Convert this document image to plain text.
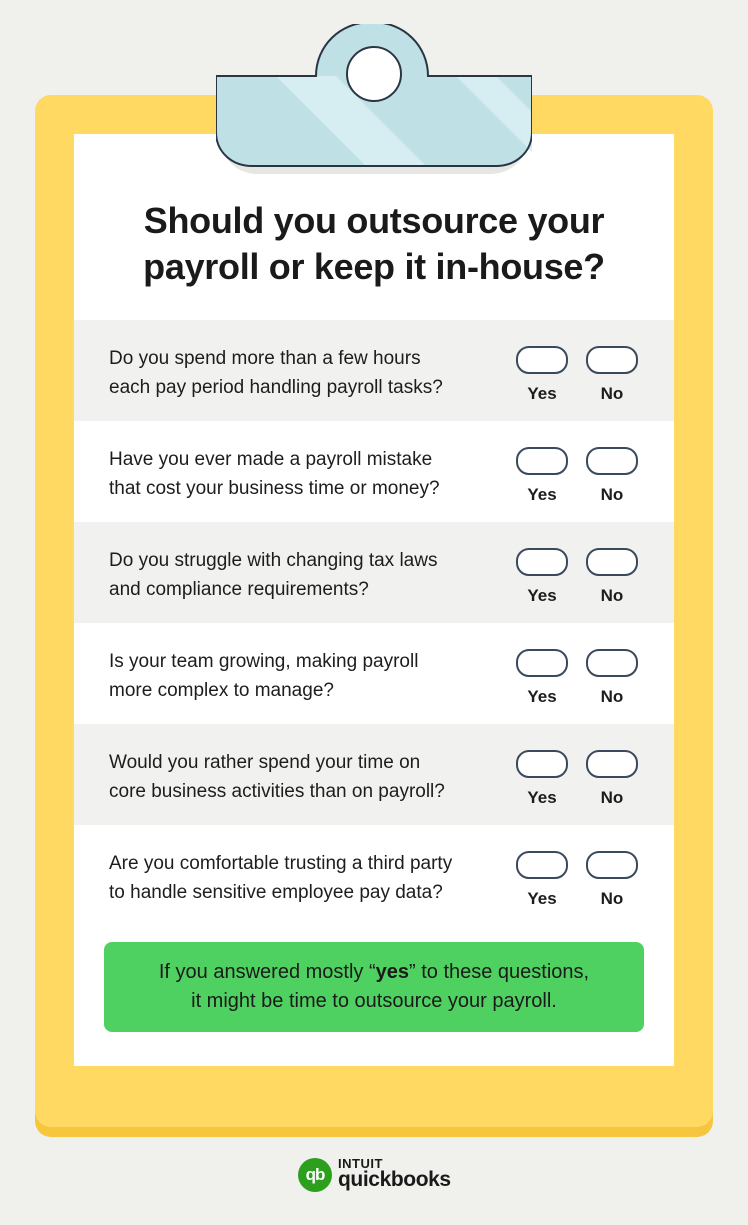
Should you outsource your
payroll or keep it in-house?
Do you spend more than a few hours
each pay period handling payroll tasks?	Yes	No
Have you ever made a payroll mistake
that cost your business time or money?	Yes	No
Do you struggle with changing tax laws
and compliance requirements?	Yes	No
Is your team growing, making payroll
more complex to manage?	Yes	No
Would you rather spend your time on
core business activities than on payroll?	Yes	No
Are you comfortable trusting a third party
to handle sensitive employee pay data?	Yes	No
If you answered mostly “yes” to these questions,
it might be time to outsource your payroll.
qb
INTUIT
quickbooks
